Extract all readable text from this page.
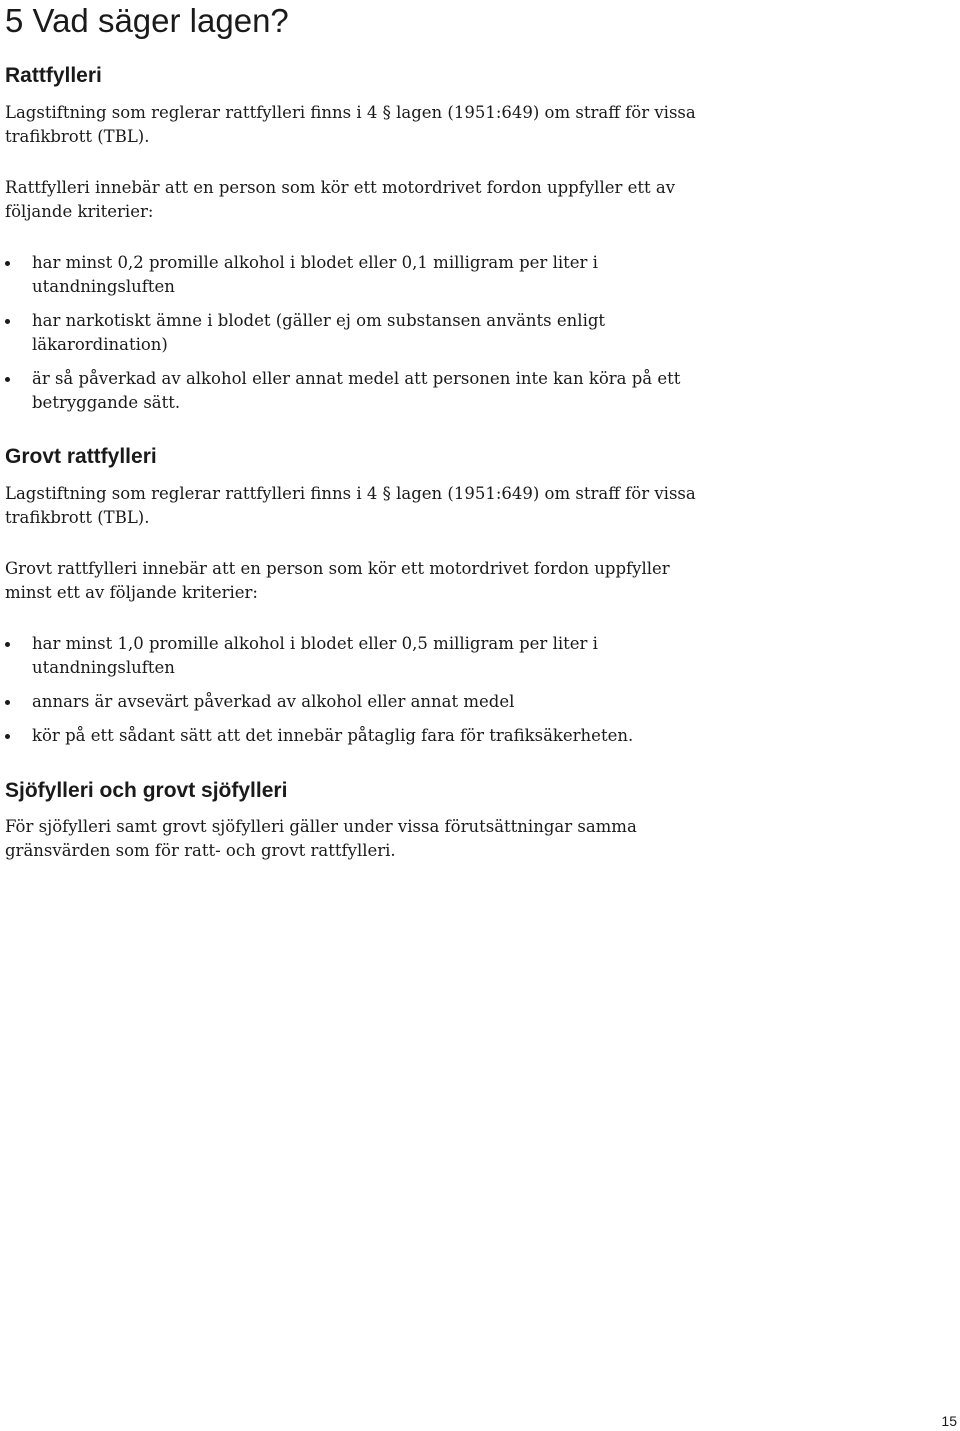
5 Vad säger lagen?
Rattfylleri

Lagstiftning som reglerar rattfylleri finns i 4 § lagen (1951:649) om straff för vissa trafikbrott (TBL).

Rattfylleri innebär att en person som kör ett motordrivet fordon uppfyller ett av följande kriterier:

har minst 0,2 promille alkohol i blodet eller 0,1 milligram per liter i utandningsluften
har narkotiskt ämne i blodet (gäller ej om substansen använts enligt läkarordination)
är så påverkad av alkohol eller annat medel att personen inte kan köra på ett betryggande sätt.
Grovt rattfylleri

Lagstiftning som reglerar rattfylleri finns i 4 § lagen (1951:649) om straff för vissa trafikbrott (TBL).

Grovt rattfylleri innebär att en person som kör ett motordrivet fordon uppfyller minst ett av följande kriterier:

har minst 1,0 promille alkohol i blodet eller 0,5 milligram per liter i utandningsluften
annars är avsevärt påverkad av alkohol eller annat medel
kör på ett sådant sätt att det innebär påtaglig fara för trafiksäkerheten.
Sjöfylleri och grovt sjöfylleri

För sjöfylleri samt grovt sjöfylleri gäller under vissa förutsättningar samma gränsvärden som för ratt- och grovt rattfylleri.

15
